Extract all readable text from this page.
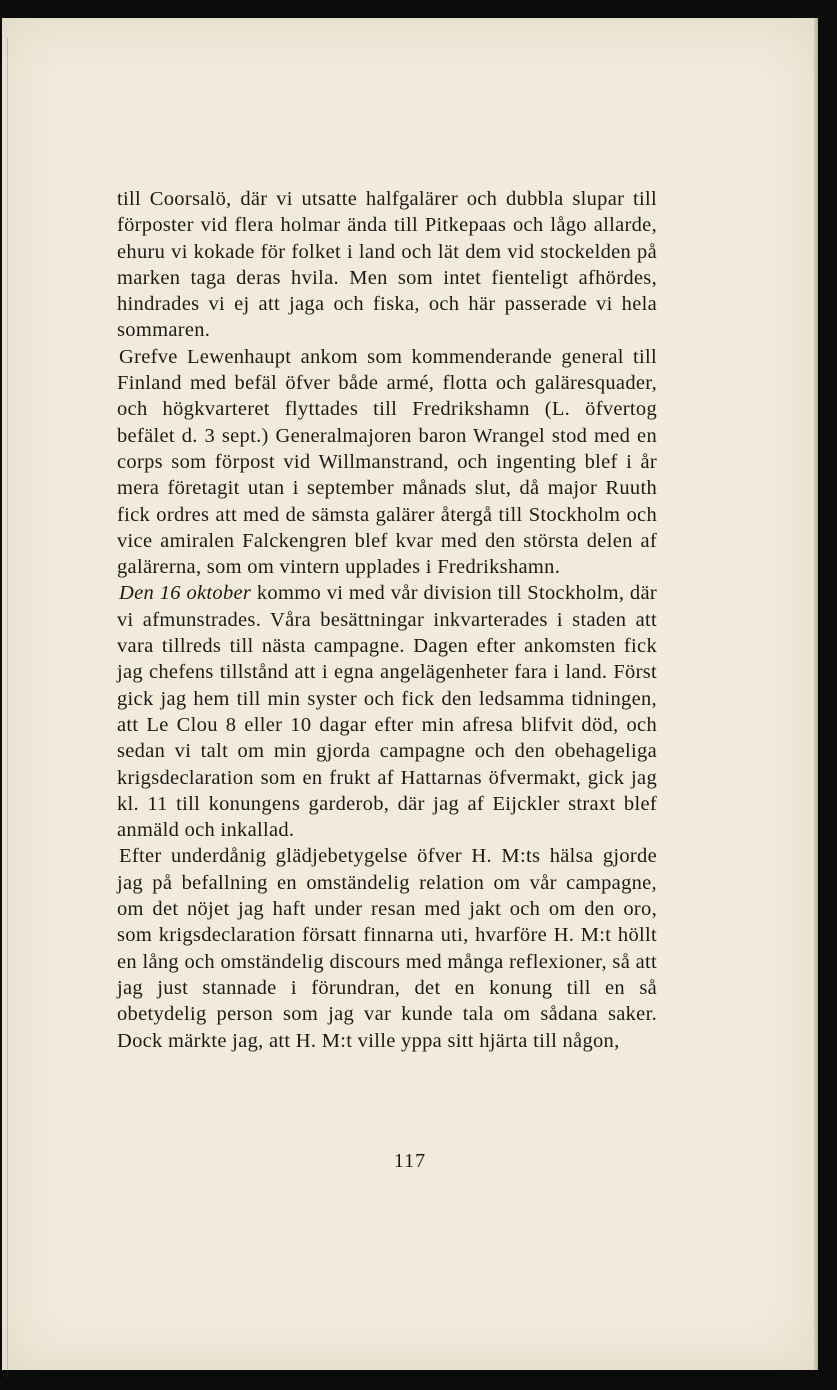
till Coorsalö, där vi utsatte halfgalärer och dubbla slupar till förposter vid flera holmar ända till Pitkepaas och lågo allarde, ehuru vi kokade för folket i land och lät dem vid stockelden på marken taga deras hvila. Men som intet fienteligt afhördes, hindrades vi ej att jaga och fiska, och här passerade vi hela sommaren.

Grefve Lewenhaupt ankom som kommenderande general till Finland med befäl öfver både armé, flotta och galäresquader, och högkvarteret flyttades till Fredrikshamn (L. öfvertog befälet d. 3 sept.) Generalmajoren baron Wrangel stod med en corps som förpost vid Willmanstrand, och ingenting blef i år mera företagit utan i september månads slut, då major Ruuth fick ordres att med de sämsta galärer återgå till Stockholm och vice amiralen Falckengren blef kvar med den största delen af galärerna, som om vintern upplades i Fredrikshamn.

Den 16 oktober kommo vi med vår division till Stockholm, där vi afmunstrades. Våra besättningar inkvarterades i staden att vara tillreds till nästa campagne. Dagen efter ankomsten fick jag chefens tillstånd att i egna angelägenheter fara i land. Först gick jag hem till min syster och fick den ledsamma tidningen, att Le Clou 8 eller 10 dagar efter min afresa blifvit död, och sedan vi talt om min gjorda campagne och den obehageliga krigsdeclaration som en frukt af Hattarnas öfvermakt, gick jag kl. 11 till konungens garderob, där jag af Eijckler straxt blef anmäld och inkallad.

Efter underdånig glädjebetygelse öfver H. M:ts hälsa gjorde jag på befallning en omständelig relation om vår campagne, om det nöjet jag haft under resan med jakt och om den oro, som krigsdeclaration försatt finnarna uti, hvarföre H. M:t höllt en lång och omständelig discours med många reflexioner, så att jag just stannade i förundran, det en konung till en så obetydelig person som jag var kunde tala om sådana saker. Dock märkte jag, att H. M:t ville yppa sitt hjärta till någon,

117
